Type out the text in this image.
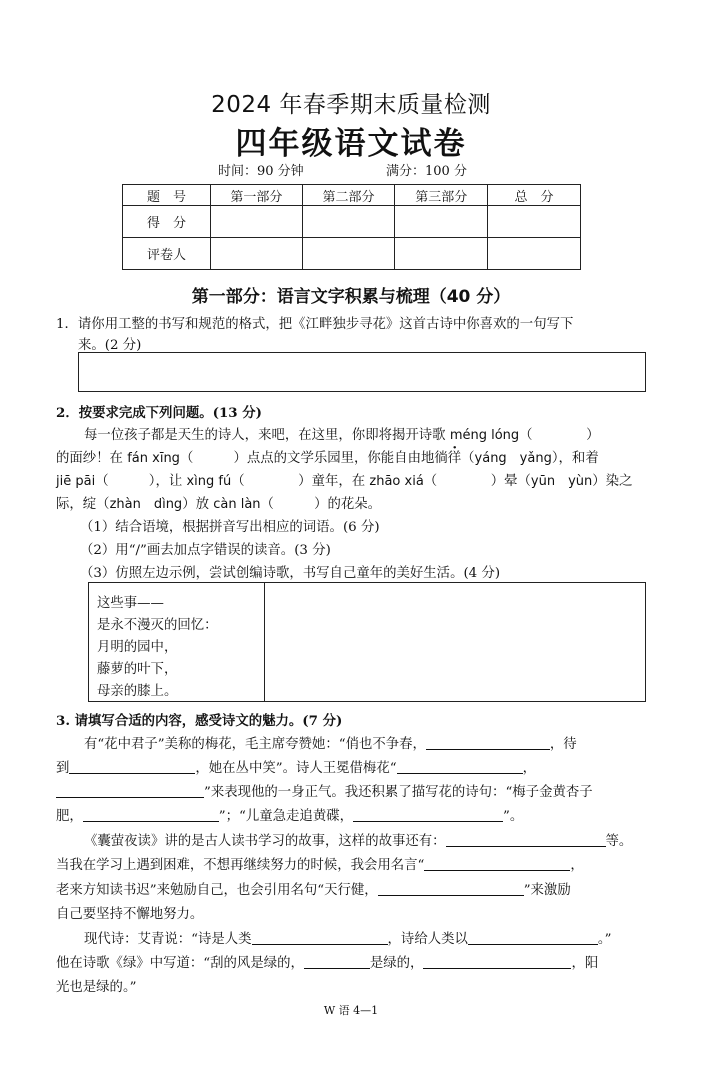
2024 年春季期末质量检测
四年级语文试卷
时间：90 分钟	满分：100 分
题　号	第一部分	第二部分	第三部分	总　分
得　分				
评卷人				
第一部分：语言文字积累与梳理（40 分）
1．请你用工整的书写和规范的格式，把《江畔独步寻花》这首古诗中你喜欢的一句写下
来。(2 分)
2．按要求完成下列问题。(13 分)
每一位孩子都是天生的诗人，来吧，在这里，你即将揭开诗歌 méng lóng（　　　　）
的面纱！在 fán xīng（　　　）点点的文学乐园里，你能自由地徜徉（yáng　yǎng），和着
jiē pāi（　　　），让 xìng fú（　　　　）童年，在 zhāo xiá（　　　　）晕（yūn　yùn）染之
际，绽（zhàn　dìng）放 càn làn（　　　）的花朵。
（1）结合语境，根据拼音写出相应的词语。(6 分)
（2）用“/”画去加点字错误的读音。(3 分)
（3）仿照左边示例，尝试创编诗歌，书写自己童年的美好生活。(4 分)
这些事——
是永不漫灭的回忆：
月明的园中，
藤萝的叶下，
母亲的膝上。
3. 请填写合适的内容，感受诗文的魅力。(7 分)
有“花中君子”美称的梅花，毛主席夸赞她：“俏也不争春，	，待
到	，她在丛中笑”。诗人王冕借梅花“	，
”来表现他的一身正气。我还积累了描写花的诗句：“梅子金黄杏子
肥，	”；“儿童急走追黄碟，	”。
《囊萤夜读》讲的是古人读书学习的故事，这样的故事还有：	等。
当我在学习上遇到困难，不想再继续努力的时候，我会用名言“	，
老来方知读书迟”来勉励自己，也会引用名句“天行健，	”来激励
自己要坚持不懈地努力。
现代诗：艾青说：“诗是人类	，诗给人类以	。”
他在诗歌《绿》中写道：“刮的风是绿的，	是绿的，	，阳
光也是绿的。”
W 语 4—1
